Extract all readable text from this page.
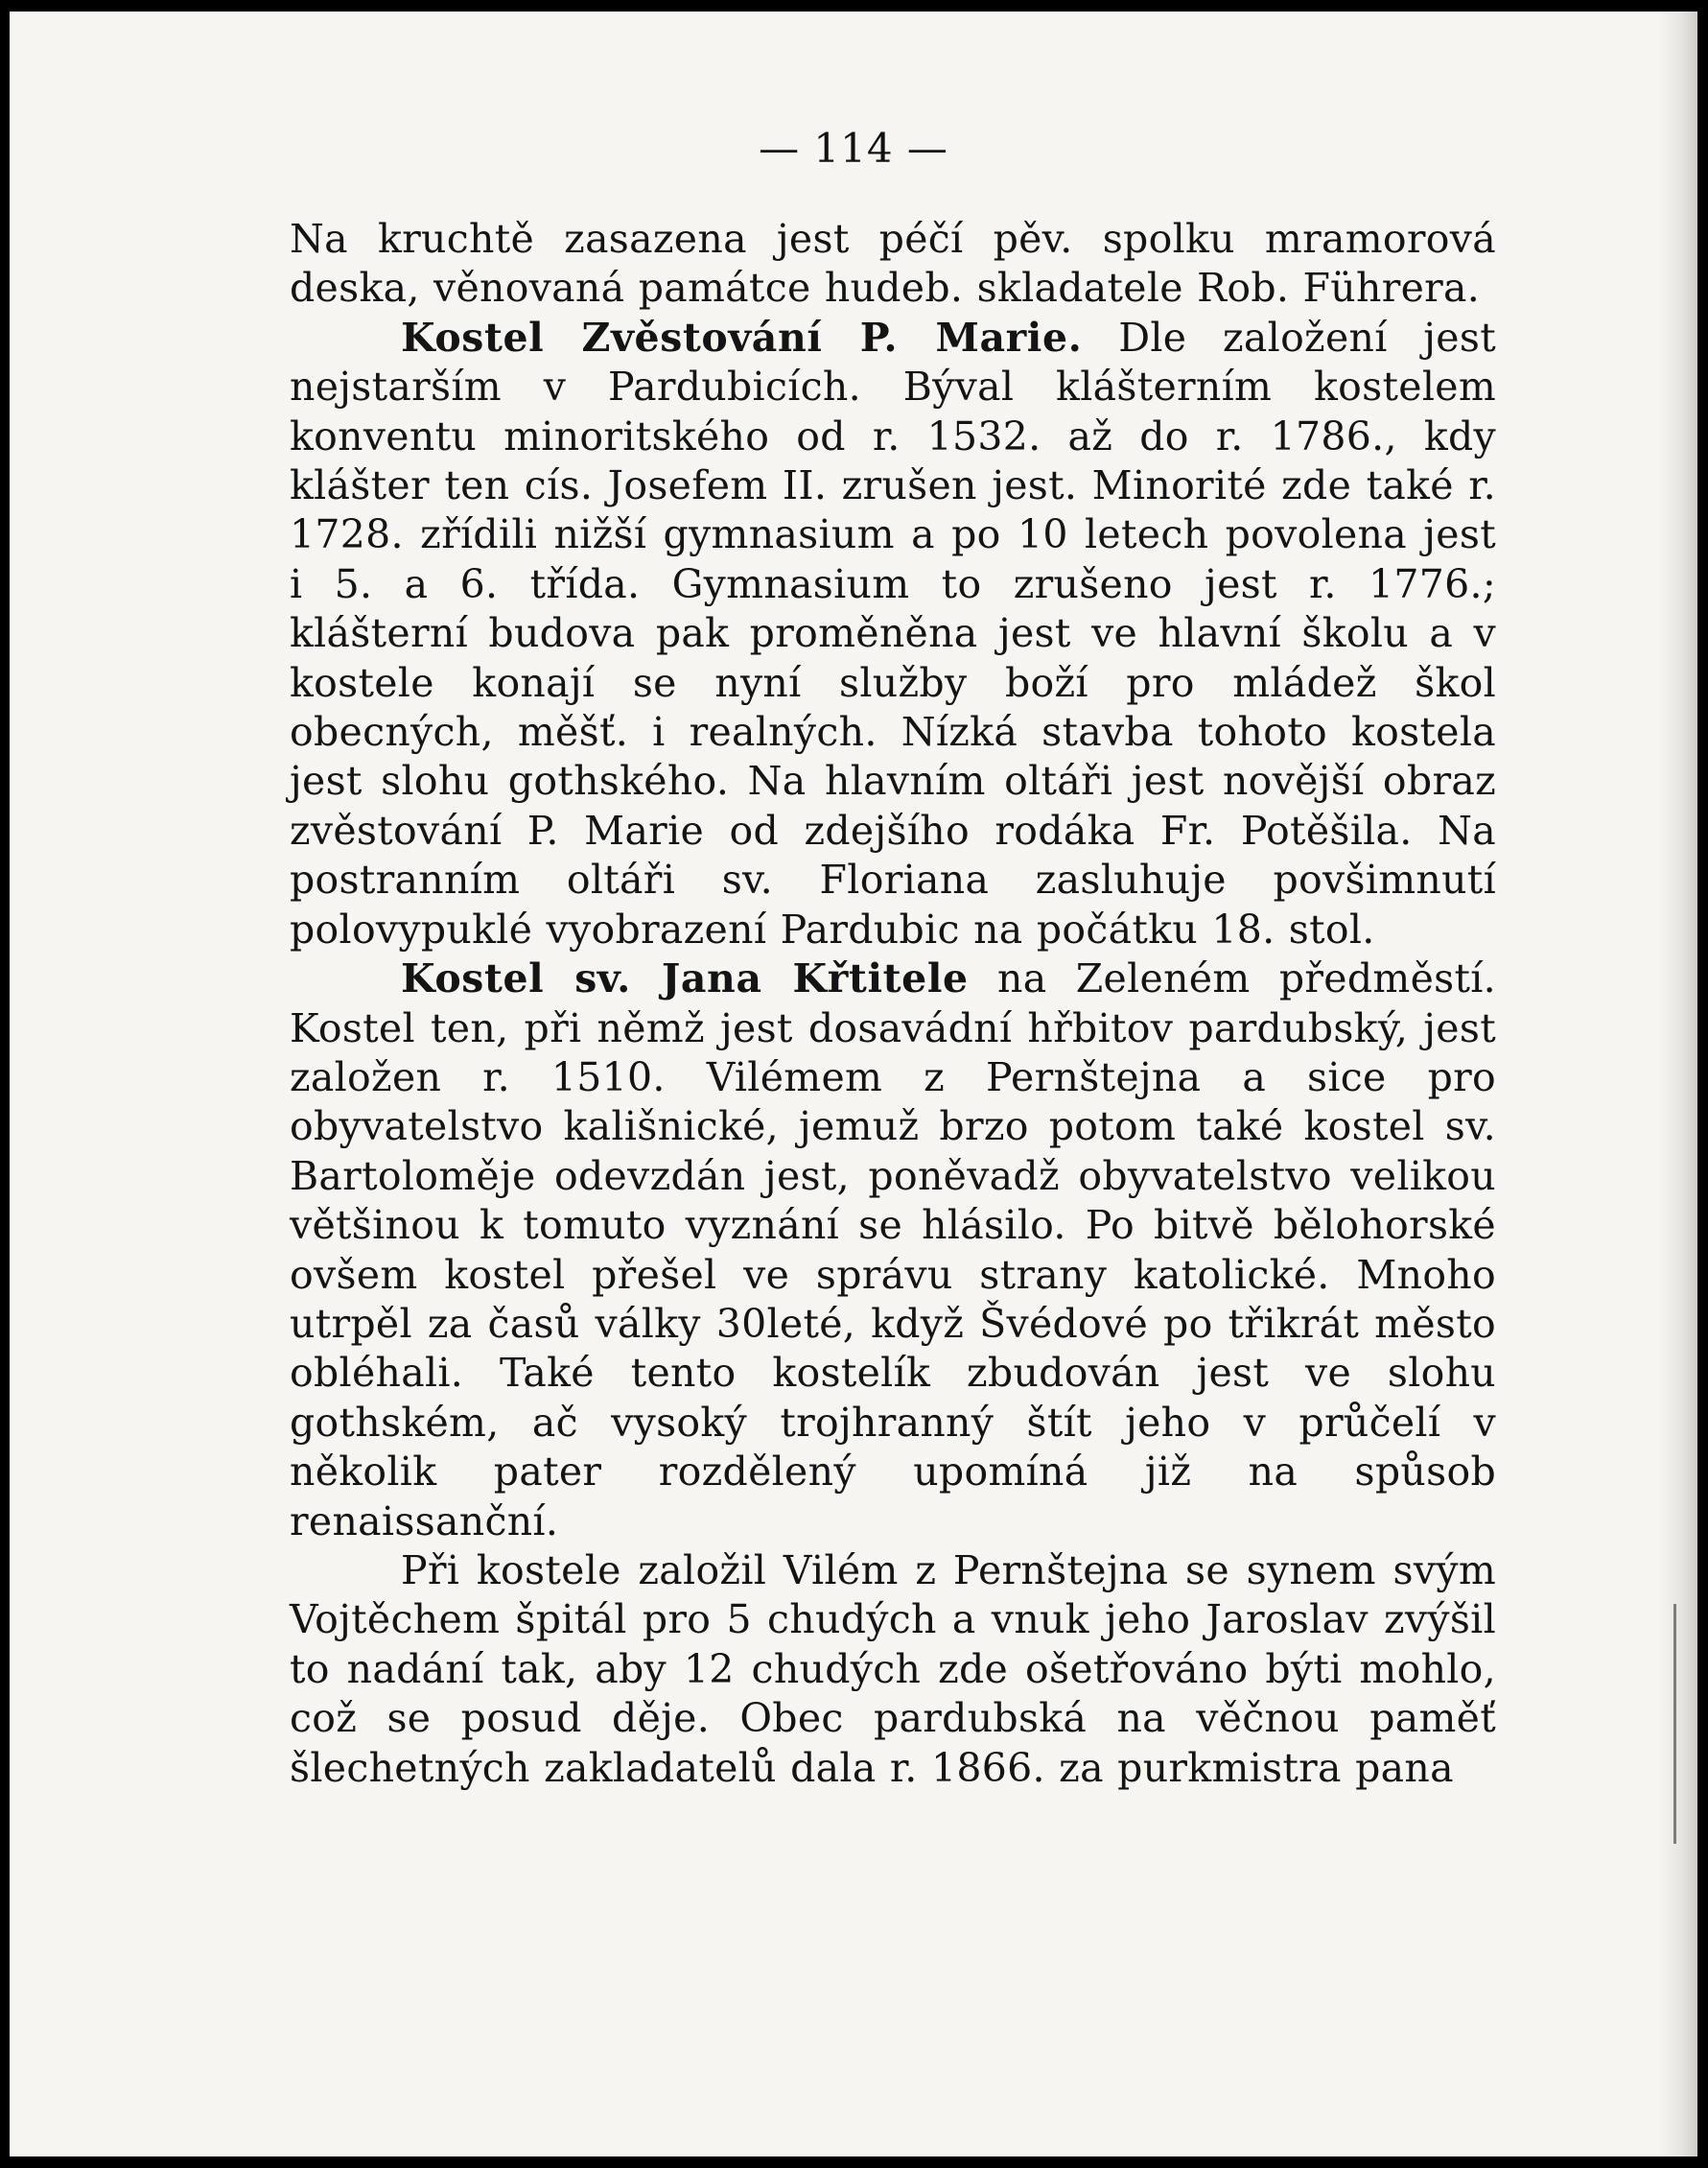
— 114 —

Na kruchtě zasazena jest péčí pěv. spolku mramorová deska, věnovaná památce hudeb. skladatele Rob. Führera.

Kostel Zvěstování P. Marie. Dle založení jest nejstarším v Pardubicích. Býval klášterním kostelem konventu minoritského od r. 1532. až do r. 1786., kdy klášter ten cís. Josefem II. zrušen jest. Minorité zde také r. 1728. zřídili nižší gymnasium a po 10 letech povolena jest i 5. a 6. třída. Gymnasium to zrušeno jest r. 1776.; klášterní budova pak proměněna jest ve hlavní školu a v kostele konají se nyní služby boží pro mládež škol obecných, měšť. i realných. Nízká stavba tohoto kostela jest slohu gothského. Na hlavním oltáři jest novější obraz zvěstování P. Marie od zdejšího rodáka Fr. Potěšila. Na postranním oltáři sv. Floriana zasluhuje povšimnutí polovypuklé vyobrazení Pardubic na počátku 18. stol.

Kostel sv. Jana Křtitele na Zeleném předměstí. Kostel ten, při němž jest dosavádní hřbitov pardubský, jest založen r. 1510. Vilémem z Pernštejna a sice pro obyvatelstvo kališnické, jemuž brzo potom také kostel sv. Bartoloměje odevzdán jest, poněvadž obyvatelstvo velikou většinou k tomuto vyznání se hlásilo. Po bitvě bělohorské ovšem kostel přešel ve správu strany katolické. Mnoho utrpěl za časů války 30leté, když Švédové po třikrát město obléhali. Také tento kostelík zbudován jest ve slohu gothském, ač vysoký trojhranný štít jeho v průčelí v několik pater rozdělený upomíná již na spůsob renaissanční.

Při kostele založil Vilém z Pernštejna se synem svým Vojtěchem špitál pro 5 chudých a vnuk jeho Jaroslav zvýšil to nadání tak, aby 12 chudých zde ošetřováno býti mohlo, což se posud děje. Obec pardubská na věčnou paměť šlechetných zakladatelů dala r. 1866. za purkmistra pana
